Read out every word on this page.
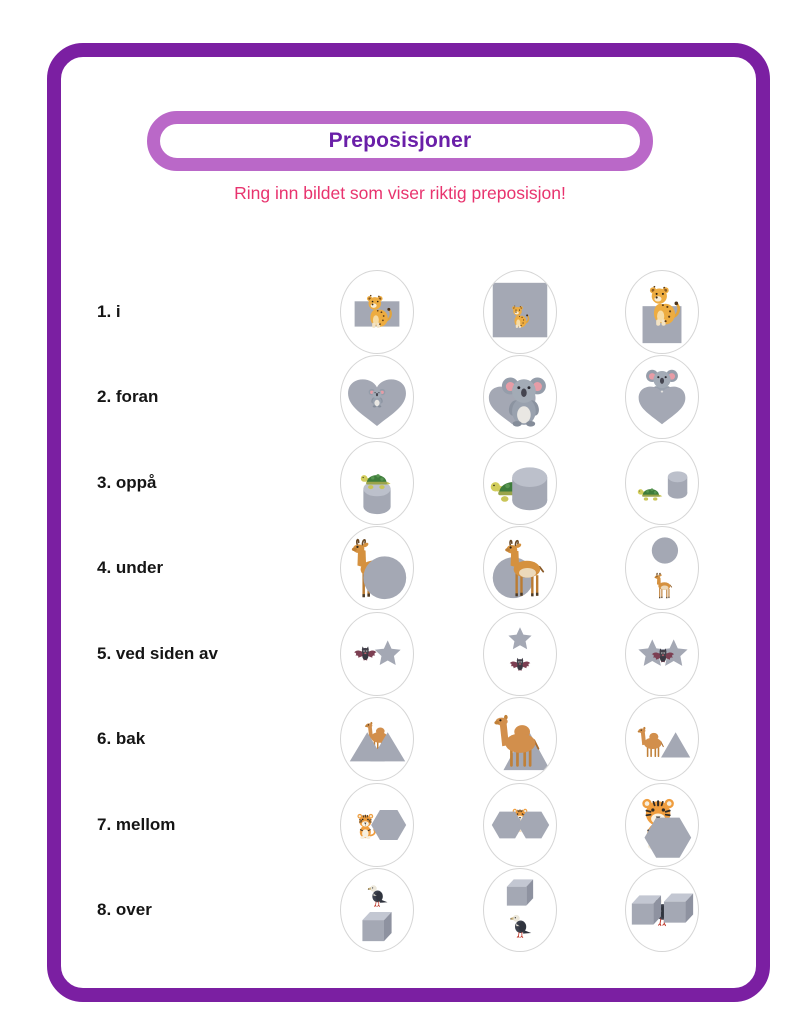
Preposisjoner

Ring inn bildet som viser riktig preposisjon!

1. i
2. foran
3. oppå
4. under
5. ved siden av
6. bak
7. mellom
8. over
